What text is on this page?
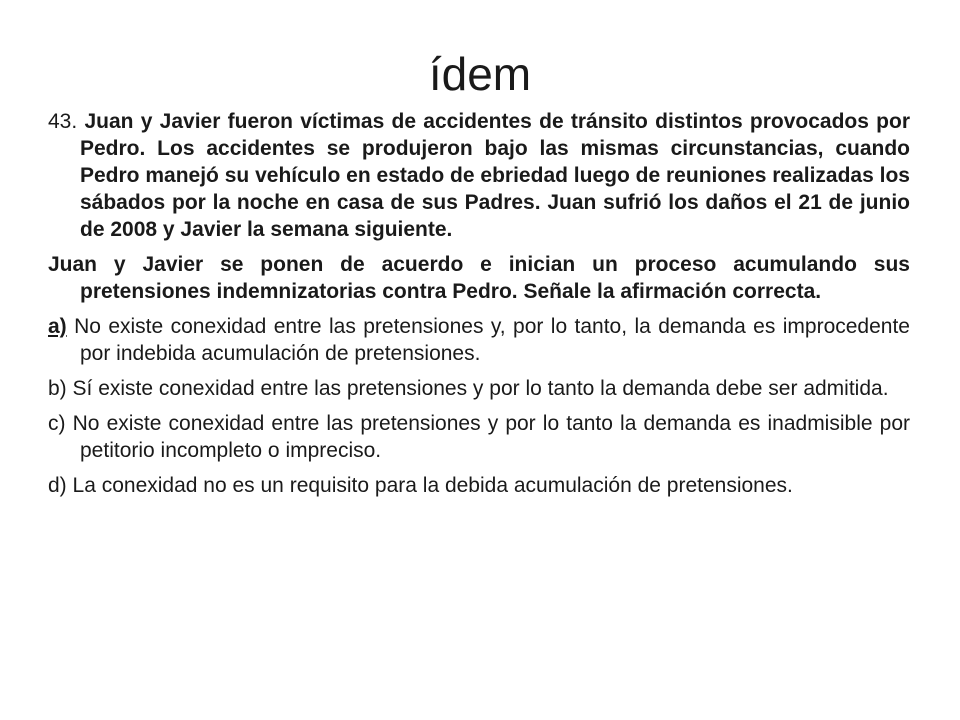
ídem

43. Juan y Javier fueron víctimas de accidentes de tránsito distintos provocados por Pedro. Los accidentes se produjeron bajo las mismas circunstancias, cuando Pedro manejó su vehículo en estado de ebriedad luego de reuniones realizadas los sábados por la noche en casa de sus Padres. Juan sufrió los daños el 21 de junio de 2008 y Javier la semana siguiente.

Juan y Javier se ponen de acuerdo e inician un proceso acumulando sus pretensiones indemnizatorias contra Pedro. Señale la afirmación correcta.

a) No existe conexidad entre las pretensiones y, por lo tanto, la demanda es improcedente por indebida acumulación de pretensiones.

b) Sí existe conexidad entre las pretensiones y por lo tanto la demanda debe ser admitida.

c) No existe conexidad entre las pretensiones y por lo tanto la demanda es inadmisible por petitorio incompleto o impreciso.

d) La conexidad no es un requisito para la debida acumulación de pretensiones.
